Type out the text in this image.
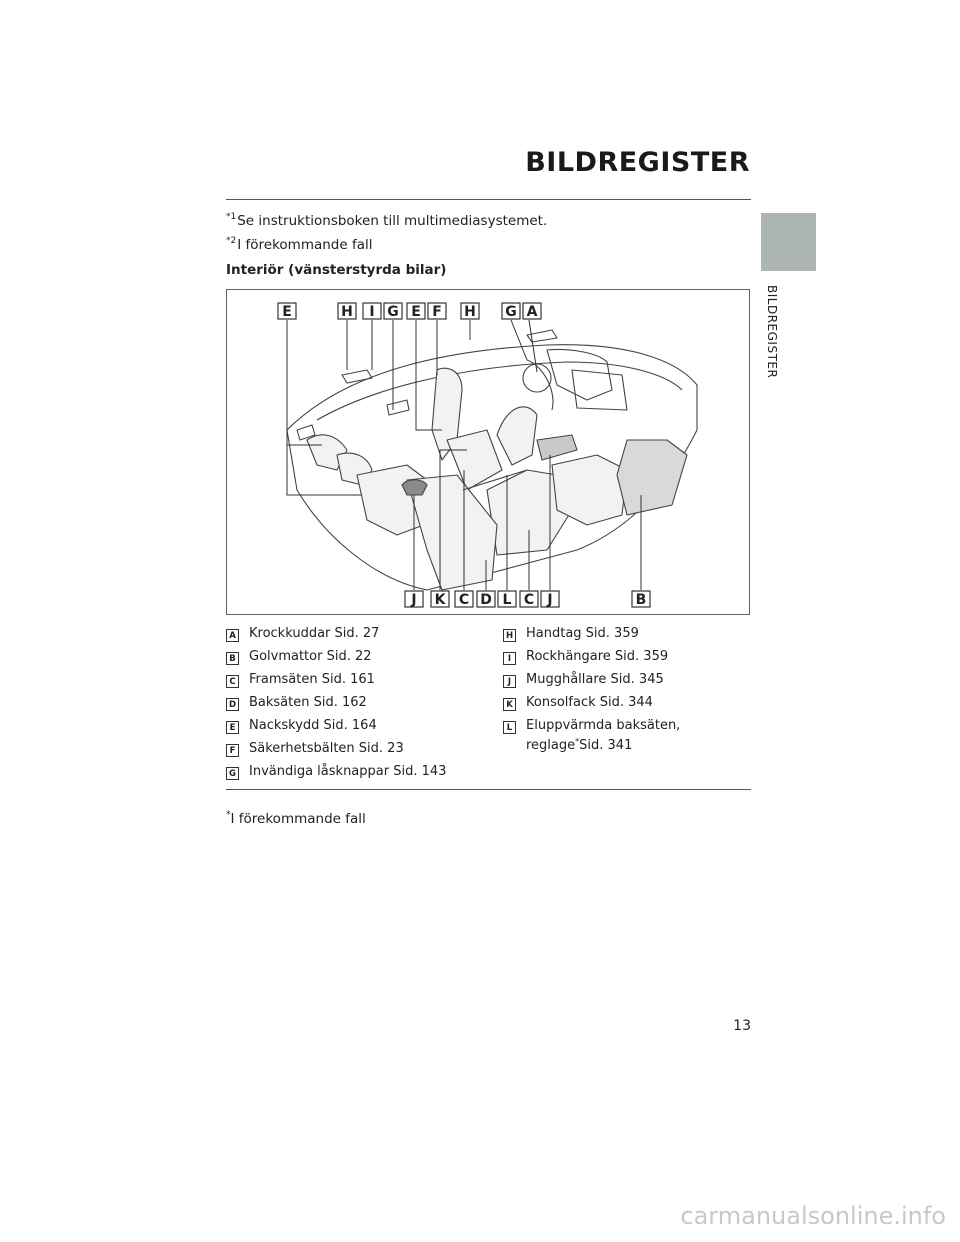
BILDREGISTER
BILDREGISTER
$^{*1}$Se instruktionsboken till multimediasystemet.
$^{*2}$I förekommande fall
Interiör (vänsterstyrda bilar)
E	H I G E F H G A
J K C D L C J	B
A Krockkuddar Sid. 27
B Golvmattor Sid. 22
C Framsäten Sid. 161
D Baksäten Sid. 162
E Nackskydd Sid. 164
F Säkerhetsbälten Sid. 23
G Invändiga låsknappar Sid. 143
H Handtag Sid. 359
I	Rockhängare Sid. 359
J	Mugghållare Sid. 345
K Konsolfack Sid. 344
L Eluppvärmda baksäten,
reglage*Sid. 341
*I förekommande fall
13
carmanualsonline.info
